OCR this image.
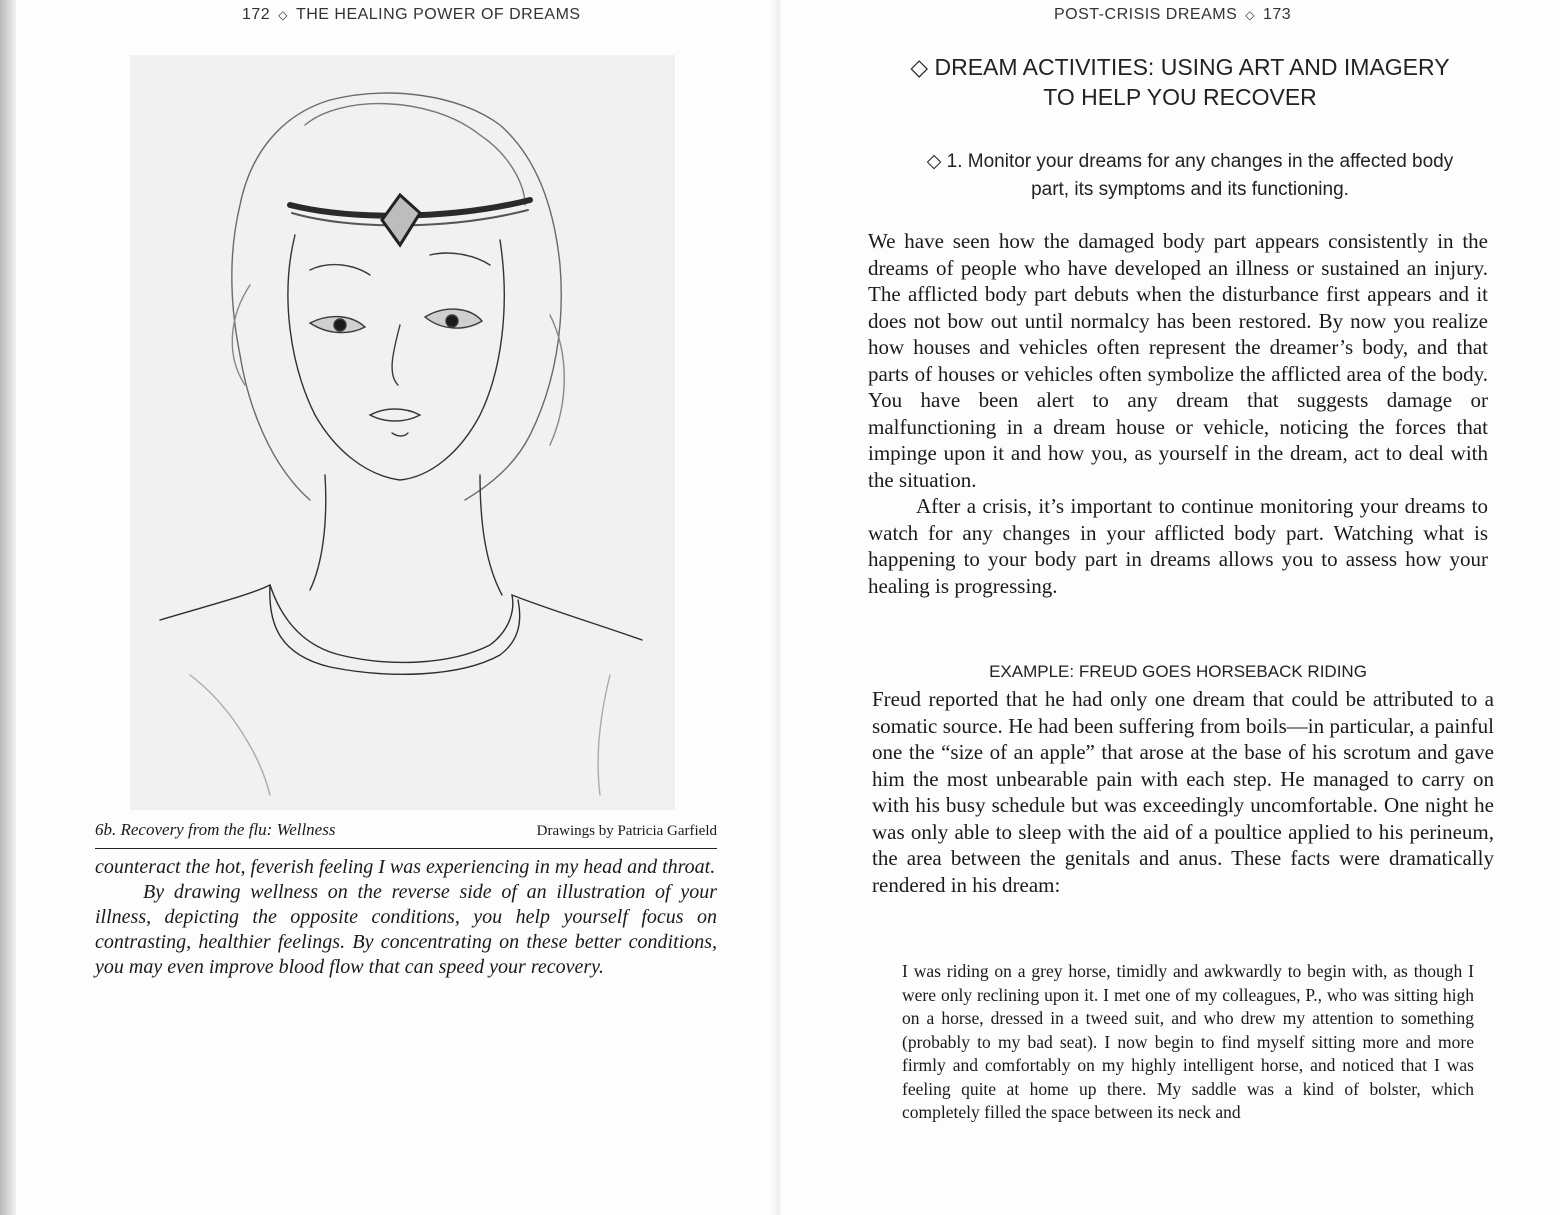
172 ◇ THE HEALING POWER OF DREAMS
6b. Recovery from the flu: Wellness	Drawings by Patricia Garfield

counteract the hot, feverish feeling I was experiencing in my head and throat.

By drawing wellness on the reverse side of an illustration of your illness, depicting the opposite conditions, you help yourself focus on contrasting, healthier feelings. By concentrating on these better conditions, you may even improve blood flow that can speed your recovery.

POST-CRISIS DREAMS ◇ 173
◇ DREAM ACTIVITIES: USING ART AND IMAGERY
TO HELP YOU RECOVER
◇ 1. Monitor your dreams for any changes in the affected body part, its symptoms and its functioning.

We have seen how the damaged body part appears consistently in the dreams of people who have developed an illness or sustained an injury. The afflicted body part debuts when the disturbance first appears and it does not bow out until normalcy has been restored. By now you realize how houses and vehicles often represent the dreamer’s body, and that parts of houses or vehicles often symbolize the afflicted area of the body. You have been alert to any dream that suggests damage or malfunctioning in a dream house or vehicle, noticing the forces that impinge upon it and how you, as yourself in the dream, act to deal with the situation.

After a crisis, it’s important to continue monitoring your dreams to watch for any changes in your afflicted body part. Watching what is happening to your body part in dreams allows you to assess how your healing is progressing.

EXAMPLE: FREUD GOES HORSEBACK RIDING

Freud reported that he had only one dream that could be attributed to a somatic source. He had been suffering from boils—in particular, a painful one the “size of an apple” that arose at the base of his scrotum and gave him the most unbearable pain with each step. He managed to carry on with his busy schedule but was exceedingly uncomfortable. One night he was only able to sleep with the aid of a poultice applied to his perineum, the area between the genitals and anus. These facts were dramatically rendered in his dream:

I was riding on a grey horse, timidly and awkwardly to begin with, as though I were only reclining upon it. I met one of my colleagues, P., who was sitting high on a horse, dressed in a tweed suit, and who drew my attention to something (probably to my bad seat). I now begin to find myself sitting more and more firmly and comfortably on my highly intelligent horse, and noticed that I was feeling quite at home up there. My saddle was a kind of bolster, which completely filled the space between its neck and
